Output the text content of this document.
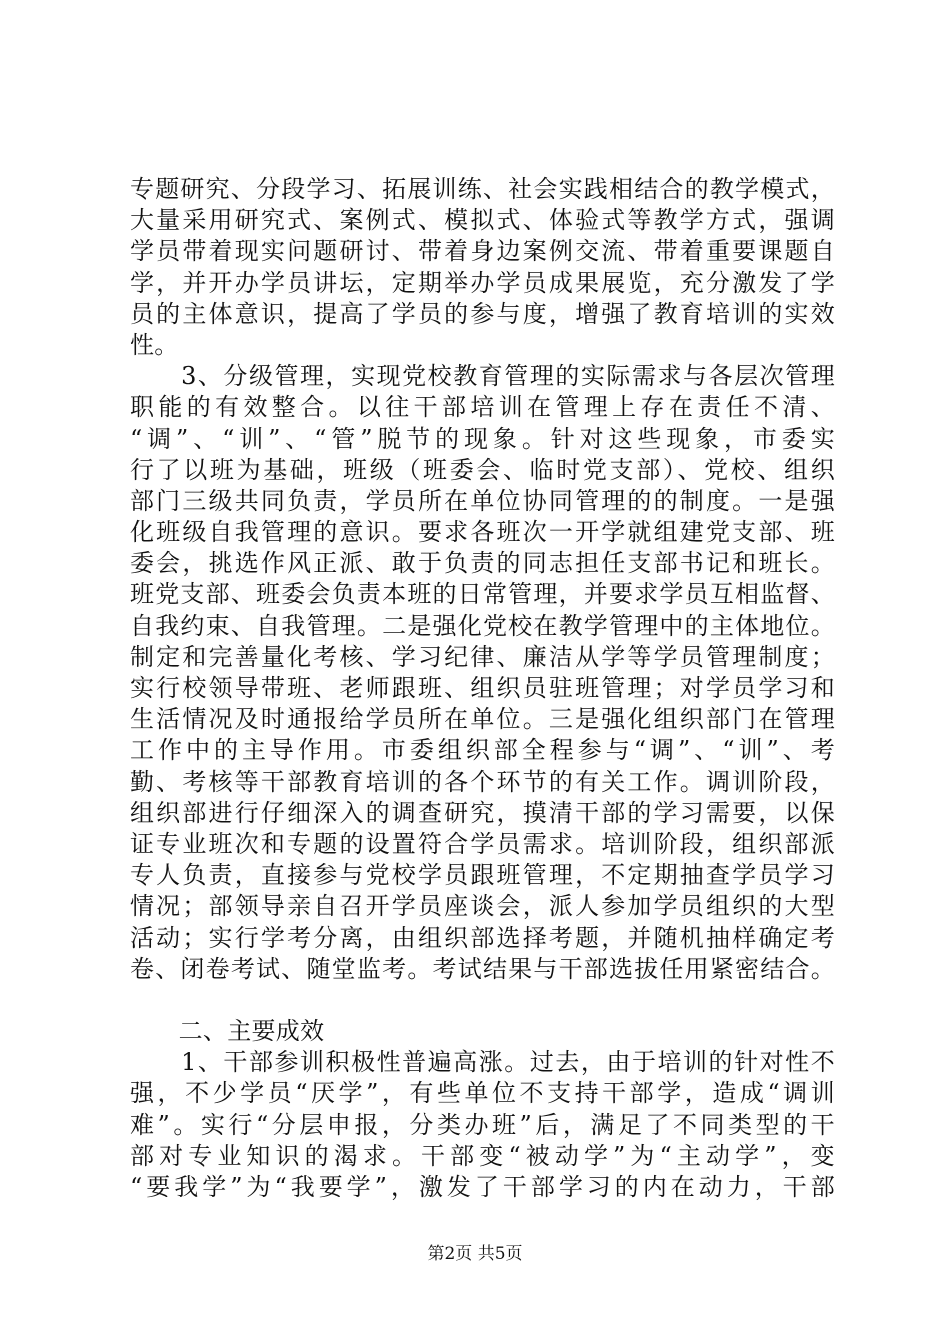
专题研究、分段学习、拓展训练、社会实践相结合的教学模式，
大量采用研究式、案例式、模拟式、体验式等教学方式，强调
学员带着现实问题研讨、带着身边案例交流、带着重要课题自
学，并开办学员讲坛，定期举办学员成果展览，充分激发了学
员的主体意识，提高了学员的参与度，增强了教育培训的实效
性。
　　3、分级管理，实现党校教育管理的实际需求与各层次管理
职能的有效整合。以往干部培训在管理上存在责任不清、
“调”、“训”、“管”脱节的现象。针对这些现象，市委实
行了以班为基础，班级（班委会、临时党支部）、党校、组织
部门三级共同负责，学员所在单位协同管理的的制度。一是强
化班级自我管理的意识。要求各班次一开学就组建党支部、班
委会，挑选作风正派、敢于负责的同志担任支部书记和班长。
班党支部、班委会负责本班的日常管理，并要求学员互相监督、
自我约束、自我管理。二是强化党校在教学管理中的主体地位。
制定和完善量化考核、学习纪律、廉洁从学等学员管理制度；
实行校领导带班、老师跟班、组织员驻班管理；对学员学习和
生活情况及时通报给学员所在单位。三是强化组织部门在管理
工作中的主导作用。市委组织部全程参与“调”、“训”、考
勤、考核等干部教育培训的各个环节的有关工作。调训阶段，
组织部进行仔细深入的调查研究，摸清干部的学习需要，以保
证专业班次和专题的设置符合学员需求。培训阶段，组织部派
专人负责，直接参与党校学员跟班管理，不定期抽查学员学习
情况；部领导亲自召开学员座谈会，派人参加学员组织的大型
活动；实行学考分离，由组织部选择考题，并随机抽样确定考
卷、闭卷考试、随堂监考。考试结果与干部选拔任用紧密结合。
　　二、主要成效
　　1、干部参训积极性普遍高涨。过去，由于培训的针对性不
强，不少学员“厌学”，有些单位不支持干部学，造成“调训
难”。实行“分层申报，分类办班”后，满足了不同类型的干
部对专业知识的渴求。干部变“被动学”为“主动学”，变
“要我学”为“我要学”，激发了干部学习的内在动力，干部
第2页 共5页
